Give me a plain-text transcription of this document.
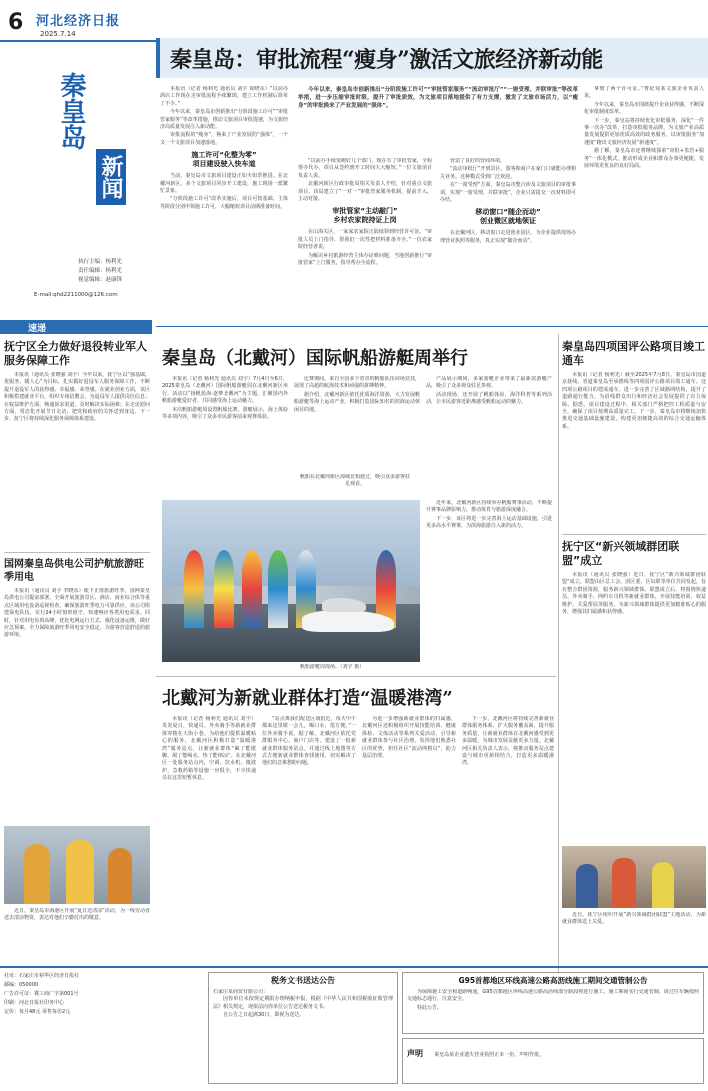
6 河北经济日报
2025.7.14
秦皇岛
新闻
执行主编：杨利光
责任编辑：杨利光
视觉编辑：赵康锋
E-mail:qhd2211000@126.com
速递
秦皇岛：审批流程“瘦身”激活文旅经济新动能

本报讯（记者 杨利光 通讯员 刘宇 徐晓东）“以前办酒店工作现在走审批流程手续繁琐，建立工作机制后简单了不少。”

今年以来，秦皇岛市创新推出“分阶段施工许可”“审批管家服务”等改革措施，推动文旅项目审批提速，为文旅经济高质量发展注入新动能。

审批流程的“瘦身”，换来了产业发展的“强体”，一个又一个文旅项目加速落地。

施工许可“化整为零”
项目建设驶入快车道

当前，秦皇岛市文旅项目建设正如火如荼推进。在北戴河新区，多个文旅项目同步开工建设，施工现场一派繁忙景象。

“分阶段施工许可”改革实施后，项目可按基础、主体等阶段分别申领施工许可，大幅缩短项目前期准备时间。

今年以来，秦皇岛市创新推出“分阶段施工许可”“审批管家服务”“流动审批厅”“一窗受理、并联审批”等改革举措，进一步压缩审批时限，提升了审批质效，为文旅项目落地提供了有力支撑，激发了文旅市场活力，以“瘦身”的审批换来了产业发展的“强体”。

“以前办手续要跑好几个部门，现在有了审批管家，全程帮办代办，项目从签约到开工时间大大缩短。”一位文旅项目负责人说。

北戴河新区行政审批局相关负责人介绍，针对重点文旅项目，该局建立了“一对一”审批管家服务机制，提前介入、主动对接。

审批管家“主动敲门”
乡村农家院持证上岗

在山海关区，一家家农家院正陆续领到经营许可证。“审批人员上门指导，帮我们一次性把材料准备齐全。”一位农家院经营者说。

为解决乡村旅游经营主体办证难问题，当地创新推行“审批管家”上门服务，指导帮办全流程。

营造了良好的营商环境。

“流动审批厅”开到景区，游客和商户在家门口就能办理相关业务。这种模式受到广泛欢迎。

在“一窗受理”方面，秦皇岛市整合涉及文旅项目的审批事项，实现“一窗受理、并联审批”，企业只需提交一次材料即可办结。

移动窗口“随企而动”
创业微区就地领证

在北戴河区，移动窗口走进创业园区，为企业提供现场办理营业执照等服务，真正实现“随企而动”。

拿到了两个许可证。”曹妃甸某文旅企业负责人说。

今年以来，秦皇岛市围绕提升企业获得感，不断深化审批制度改革。

下一步，秦皇岛将持续优化审批服务，深化“一件事一次办”改革，打造审批服务品牌，为文旅产业高质量发展提供更加优质高效的政务服务，以审批服务“加速度”跑出文旅经济发展“新速度”。

据了解，秦皇岛市还将继续探索“审批+监管+服务”一体化模式，推动形成企业和群众办事更便捷、发展环境更优良的良好局面。

抚宁区全力做好退役转业军人服务保障工作
本报讯（通讯员 张晓强 刘宇）今年以来，抚宁区以“强基础、优服务、暖人心”为目标，扎实做好退役军人服务保障工作，不断提升退役军人的获得感、幸福感、荣誉感。在就业创业方面，该区积极搭建就业平台，组织专场招聘会，为退役军人提供岗位信息；在权益维护方面，畅通诉求渠道，及时解决实际困难；在走访慰问方面，常态化开展节日走访，把党和政府的关怀送到身边。下一步，抚宁区将持续深化服务保障体系建设。
国网秦皇岛供电公司护航旅游旺季用电
本报讯（通讯员 刘宇 李晓东）眼下正值旅游旺季，国网秦皇岛供电公司提前部署，全面开展旅游景区、酒店、商业综合体等重点区域用电设备巡视检查，确保旅游旺季电力可靠供应。该公司组建保电队伍，实行24小时值班值守，快速响应各类用电需求。同时，针对用电负荷高峰，优化电网运行方式，强化设备运维，做好应急预案，全力保障旅游旺季用电安全稳定，为游客营造舒适的旅游环境。
近日，秦皇岛市海港区开展“夏日送清凉”活动，为一线劳动者送去清凉物资，表达对他们辛勤付出的敬意。
秦皇岛（北戴河）国际帆船游艇周举行

本报讯（记者 杨利光 通讯员 刘宇）7月4日至6日，2025秦皇岛（北戴河）国际帆船游艇周在北戴河新区举行。活动以“扬帆蓝海·逐梦北戴河”为主题，汇聚国内外帆船游艇爱好者，共同感受海上运动魅力。

本次帆船游艇周设置帆船比赛、游艇展示、海上体验等多项内容，吸引了众多市民游客前来观赛体验。

比赛期间，来自全国多个省市的帆船队伍同场竞技，展现了高超的航海技术和顽强的拼搏精神。

据介绍，北戴河新区依托优质海洋资源，大力发展帆船游艇等海上运动产业，积极打造国际知名的滨海运动休闲目的地。

产品展示期间，多家游艇企业带来了最新款游艇产品，吸引了众多观众驻足参观。

活动现场，还开展了帆船体验、海洋科普等系列活动，让市民游客近距离感受帆船运动的魅力。

近年来，北戴河新区持续举办帆船赛事活动，不断提升赛事品牌影响力，推动体育与旅游深度融合。

下一步，该区将进一步完善海上运动基础设施，引进更多高水平赛事，为滨海旅游注入新的活力。

帆船在北戴河新区海域竞相驶过，吸引众多游客驻足观看。
帆船游艇周现场。（刘宇 摄）
秦皇岛四项国评公路项目竣工通车
本报讯（记者 杨利光）截至2025年7月8日，秦皇岛市国道京抚线、省道秦皇岛至承德线等四项国评公路项目竣工通车。这四项公路项目的建成通车，进一步完善了区域路网结构，提升了道路通行能力，为沿线群众出行和经济社会发展提供了有力保障。据悉，项目建设过程中，相关部门严格把控工程质量与安全，确保了项目按期高质量完工。下一步，秦皇岛市将继续加快推进交通基础设施建设，构建更加便捷高效的综合交通运输体系。
抚宁区“新兴领域群团联盟”成立
本报讯（通讯员 张晓强）近日，抚宁区“新兴领域群团联盟”成立。联盟由区总工会、团区委、区妇联等单位共同发起，旨在整合群团资源，服务新兴领域群体。联盟成立后，将围绕快递员、外卖骑手、网约车司机等新就业群体，开展技能培训、权益维护、关爱帮扶等服务，为新兴领域群体提供更加精准贴心的服务，增强其归属感和获得感。
近日，抚宁区组织开展“新兴领域群团联盟”主题活动，为新就业群体送上关爱。
北戴河为新就业群体打造“温暖港湾”
本报讯（记者 杨利光 通讯员 刘宇）炎炎夏日，快递员、外卖骑手等新就业群体穿梭在大街小巷。为给他们提供温暖贴心的服务，北戴河区积极打造“温暖港湾”服务站点，让新就业群体“累了能歇脚、渴了能喝水、热了能纳凉”。在北戴河区一处服务站点内，空调、饮水机、微波炉、急救药箱等设施一应俱全，不少快递员在这里短暂休息。
“站点离我们配送区域很近，每天中午都来这里歇一会儿，喝口水，很方便。”一位外卖骑手说。据了解，北戴河区依托党群服务中心、商户门店等，建设了一批新就业群体服务站点，并通过线上地图等方式方便新就业群体查找使用，切实解决了他们的急难愁盼问题。
为进一步增强新就业群体的归属感，北戴河区还积极组织开展技能培训、健康体检、文体活动等系列关爱活动，引导新就业群体参与社区治理，发挥他们熟悉社区的优势，担任社区“流动网格员”，助力基层治理。
下一步，北戴河区将持续完善新就业群体服务体系，扩大服务覆盖面，提升服务质量，让新就业群体在北戴河感受到更多温暖，为城市发展贡献更多力量。北戴河区相关负责人表示，将推动服务站点建设与城市更新相结合，打造更多温暖港湾。
社址：石家庄市裕华区经济日报社
邮编：050000
广告许可证：冀工商广字第001号
印刷：河北日报社印务中心
定价：每月48元 零售每份2元
税务文书送达公告
石家庄某商贸有限公司：

因你单位未按规定期限办理纳税申报，根据《中华人民共和国税收征收管理法》相关规定，现依法向你单位公告送达税务文书。

自公告之日起满30日，即视为送达。

G95首都地区环线高速公路高沥线施工期间交通管制公告

为保障施工安全和道路畅通，G95首都地区环线高速公路高沥线部分路段将进行施工，施工期间实行交通管制，请过往车辆按照交通标志通行，注意安全。

特此公告。

声明 秦皇岛某企业遗失营业执照正本一份，声明作废。
